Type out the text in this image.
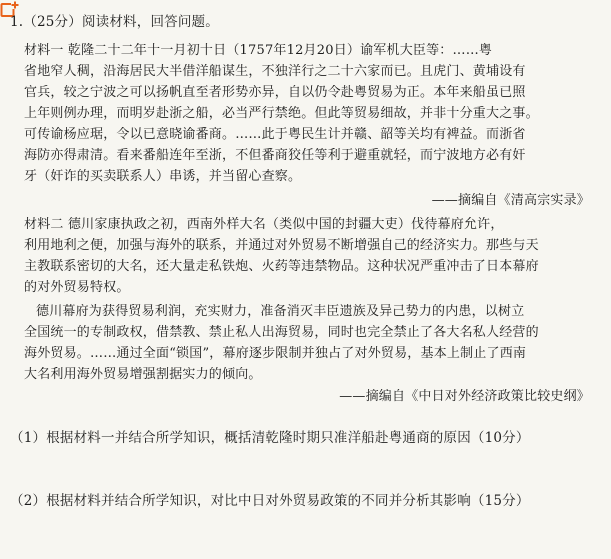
1.（25分）阅读材料，回答问题。
材料一 乾隆二十二年十一月初十日（1757年12月20日）谕军机大臣等：……粤
省地窄人稠，沿海居民大半借洋船谋生，不独洋行之二十六家而已。且虎门、黄埔设有
官兵，较之宁波之可以扬帆直至者形势亦异，自以仍令赴粤贸易为正。本年来船虽已照
上年则例办理，而明岁赴浙之船，必当严行禁绝。但此等贸易细故，并非十分重大之事。
可传谕杨应琚，令以已意晓谕番商。……此于粤民生计并赣、韶等关均有裨益。而浙省
海防亦得肃清。看来番船连年至浙，不但番商狡任等利于避重就轻，而宁波地方必有奸
牙（奸诈的买卖联系人）串诱，并当留心查察。
——摘编自《清高宗实录》
材料二 德川家康执政之初，西南外样大名（类似中国的封疆大吏）伐待幕府允许，
利用地利之便，加强与海外的联系，并通过对外贸易不断增强自己的经济实力。那些与天
主教联系密切的大名，还大量走私铁炮、火药等违禁物品。这种状况严重冲击了日本幕府
的对外贸易特权。
德川幕府为获得贸易利润，充实财力，准备消灭丰臣遗族及异己势力的内患，以树立
全国统一的专制政权，借禁教、禁止私人出海贸易，同时也完全禁止了各大名私人经营的
海外贸易。……通过全面“锁国”，幕府逐步限制并独占了对外贸易，基本上制止了西南
大名利用海外贸易增强割据实力的倾向。
——摘编自《中日对外经济政策比较史纲》
（1）根据材料一并结合所学知识，概括清乾隆时期只准洋船赴粤通商的原因（10分）
（2）根据材料并结合所学知识，对比中日对外贸易政策的不同并分析其影响（15分）
